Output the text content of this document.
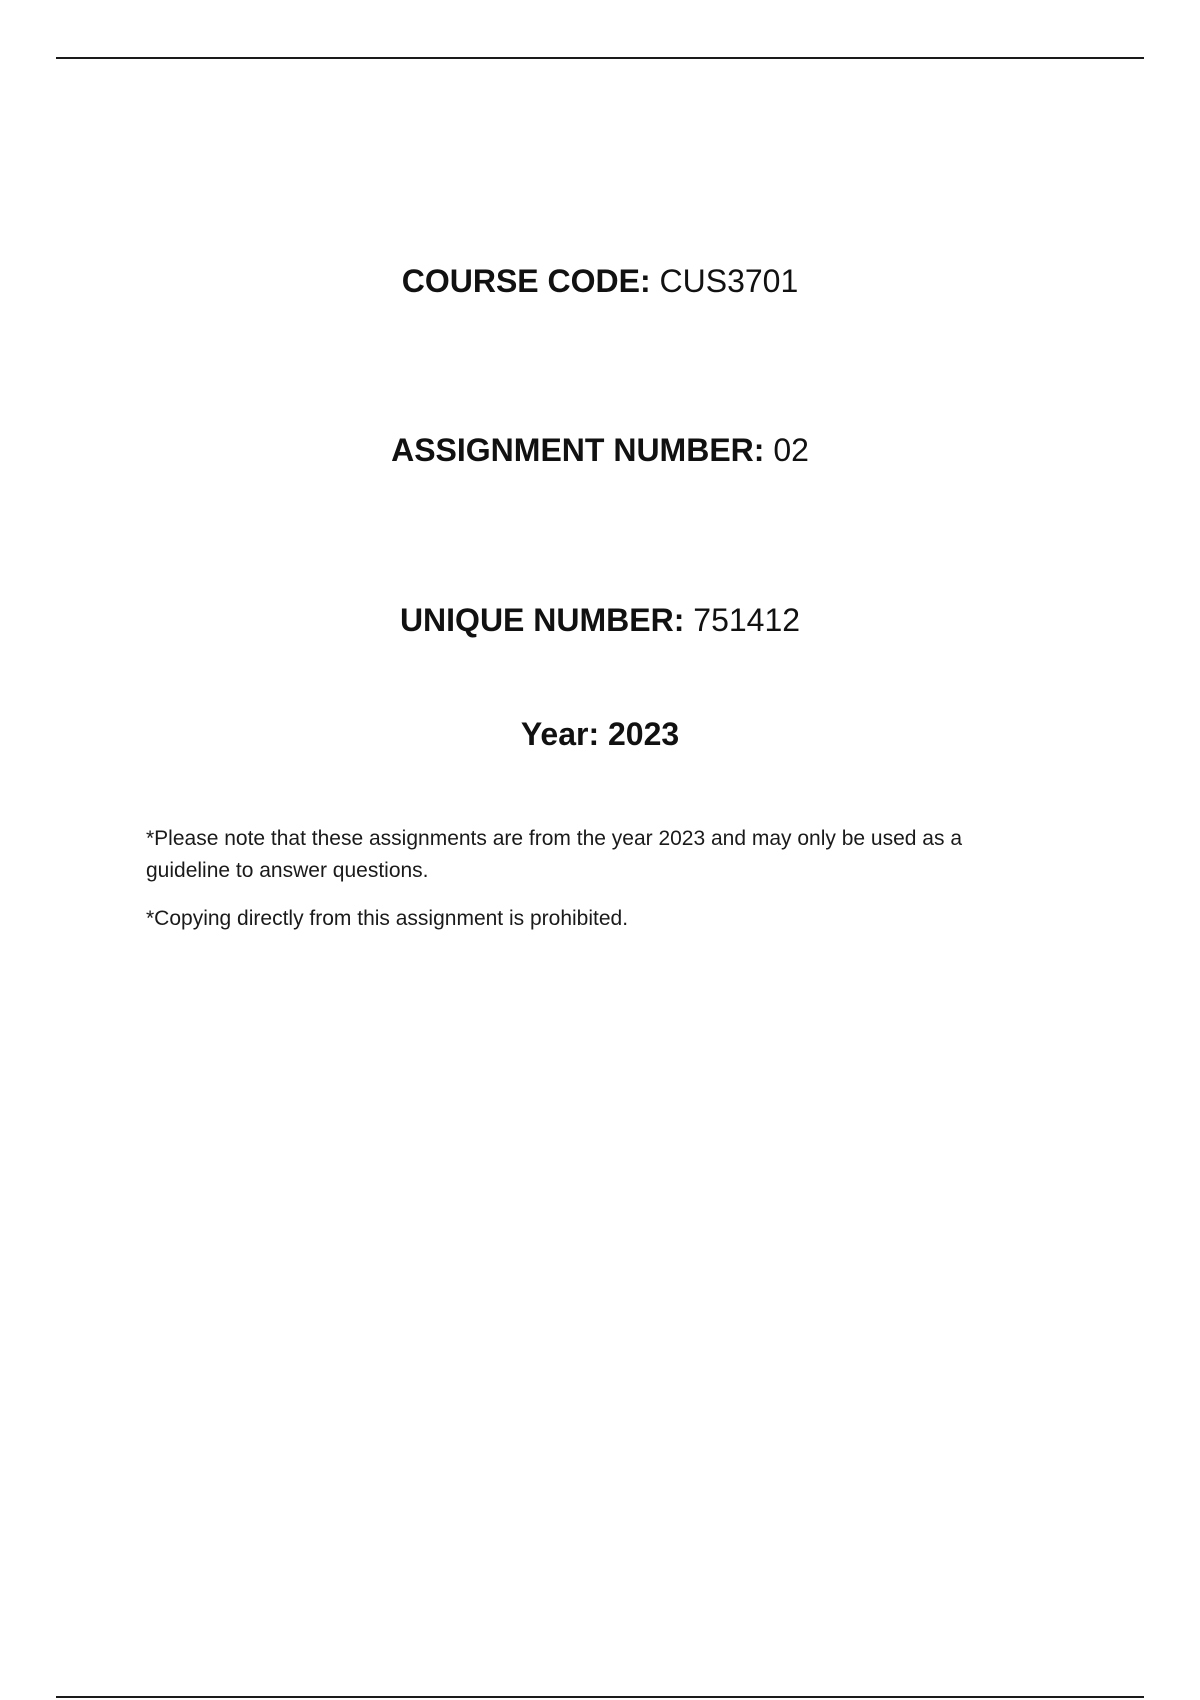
COURSE CODE: CUS3701
ASSIGNMENT NUMBER: 02
UNIQUE NUMBER: 751412
Year: 2023
*Please note that these assignments are from the year 2023 and may only be used as a guideline to answer questions.
*Copying directly from this assignment is prohibited.
